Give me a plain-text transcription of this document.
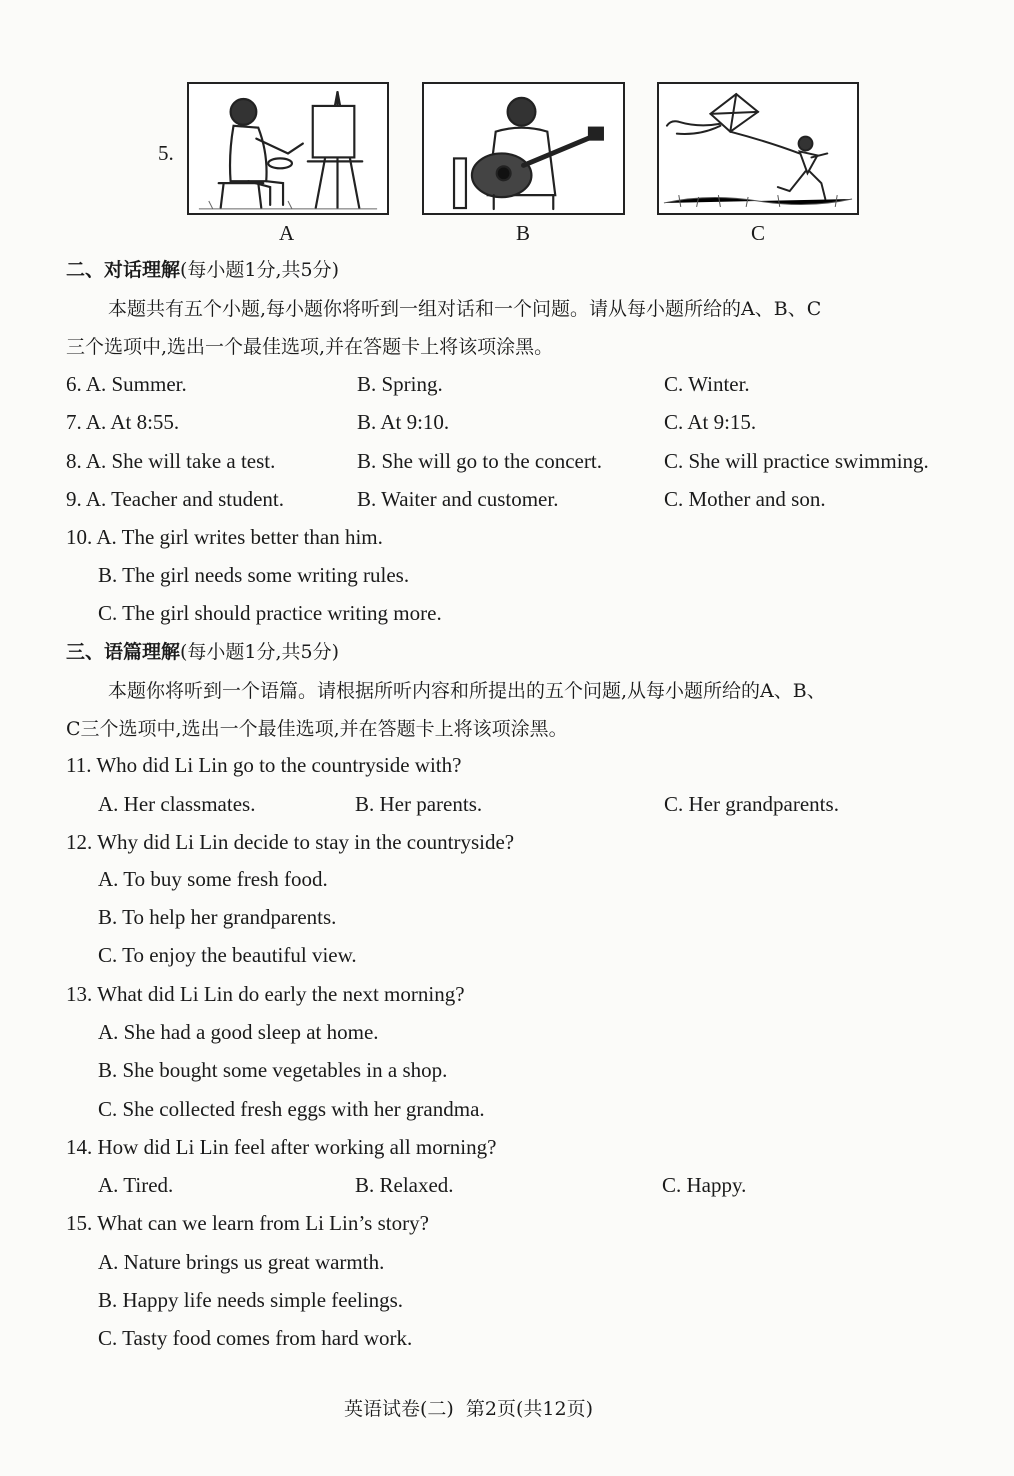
5.
A	B	C
二、对话理解(每小题1分,共5分)
本题共有五个小题,每小题你将听到一组对话和一个问题。请从每小题所给的A、B、C
三个选项中,选出一个最佳选项,并在答题卡上将该项涂黑。
6. A. Summer.	B. Spring.	C. Winter.
7. A. At 8:55.	B. At 9:10.	C. At 9:15.
8. A. She will take a test.	B. She will go to the concert.	C. She will practice swimming.
9. A. Teacher and student.	B. Waiter and customer.	C. Mother and son.
10. A. The girl writes better than him.
B. The girl needs some writing rules.
C. The girl should practice writing more.
三、语篇理解(每小题1分,共5分)
本题你将听到一个语篇。请根据所听内容和所提出的五个问题,从每小题所给的A、B、
C三个选项中,选出一个最佳选项,并在答题卡上将该项涂黑。
11. Who did Li Lin go to the countryside with?
A. Her classmates.	B. Her parents.	C. Her grandparents.
12. Why did Li Lin decide to stay in the countryside?
A. To buy some fresh food.
B. To help her grandparents.
C. To enjoy the beautiful view.
13. What did Li Lin do early the next morning?
A. She had a good sleep at home.
B. She bought some vegetables in a shop.
C. She collected fresh eggs with her grandma.
14. How did Li Lin feel after working all morning?
A. Tired.	B. Relaxed.	C. Happy.
15. What can we learn from Li Lin’s story?
A. Nature brings us great warmth.
B. Happy life needs simple feelings.
C. Tasty food comes from hard work.
英语试卷(二)  第2页(共12页)
